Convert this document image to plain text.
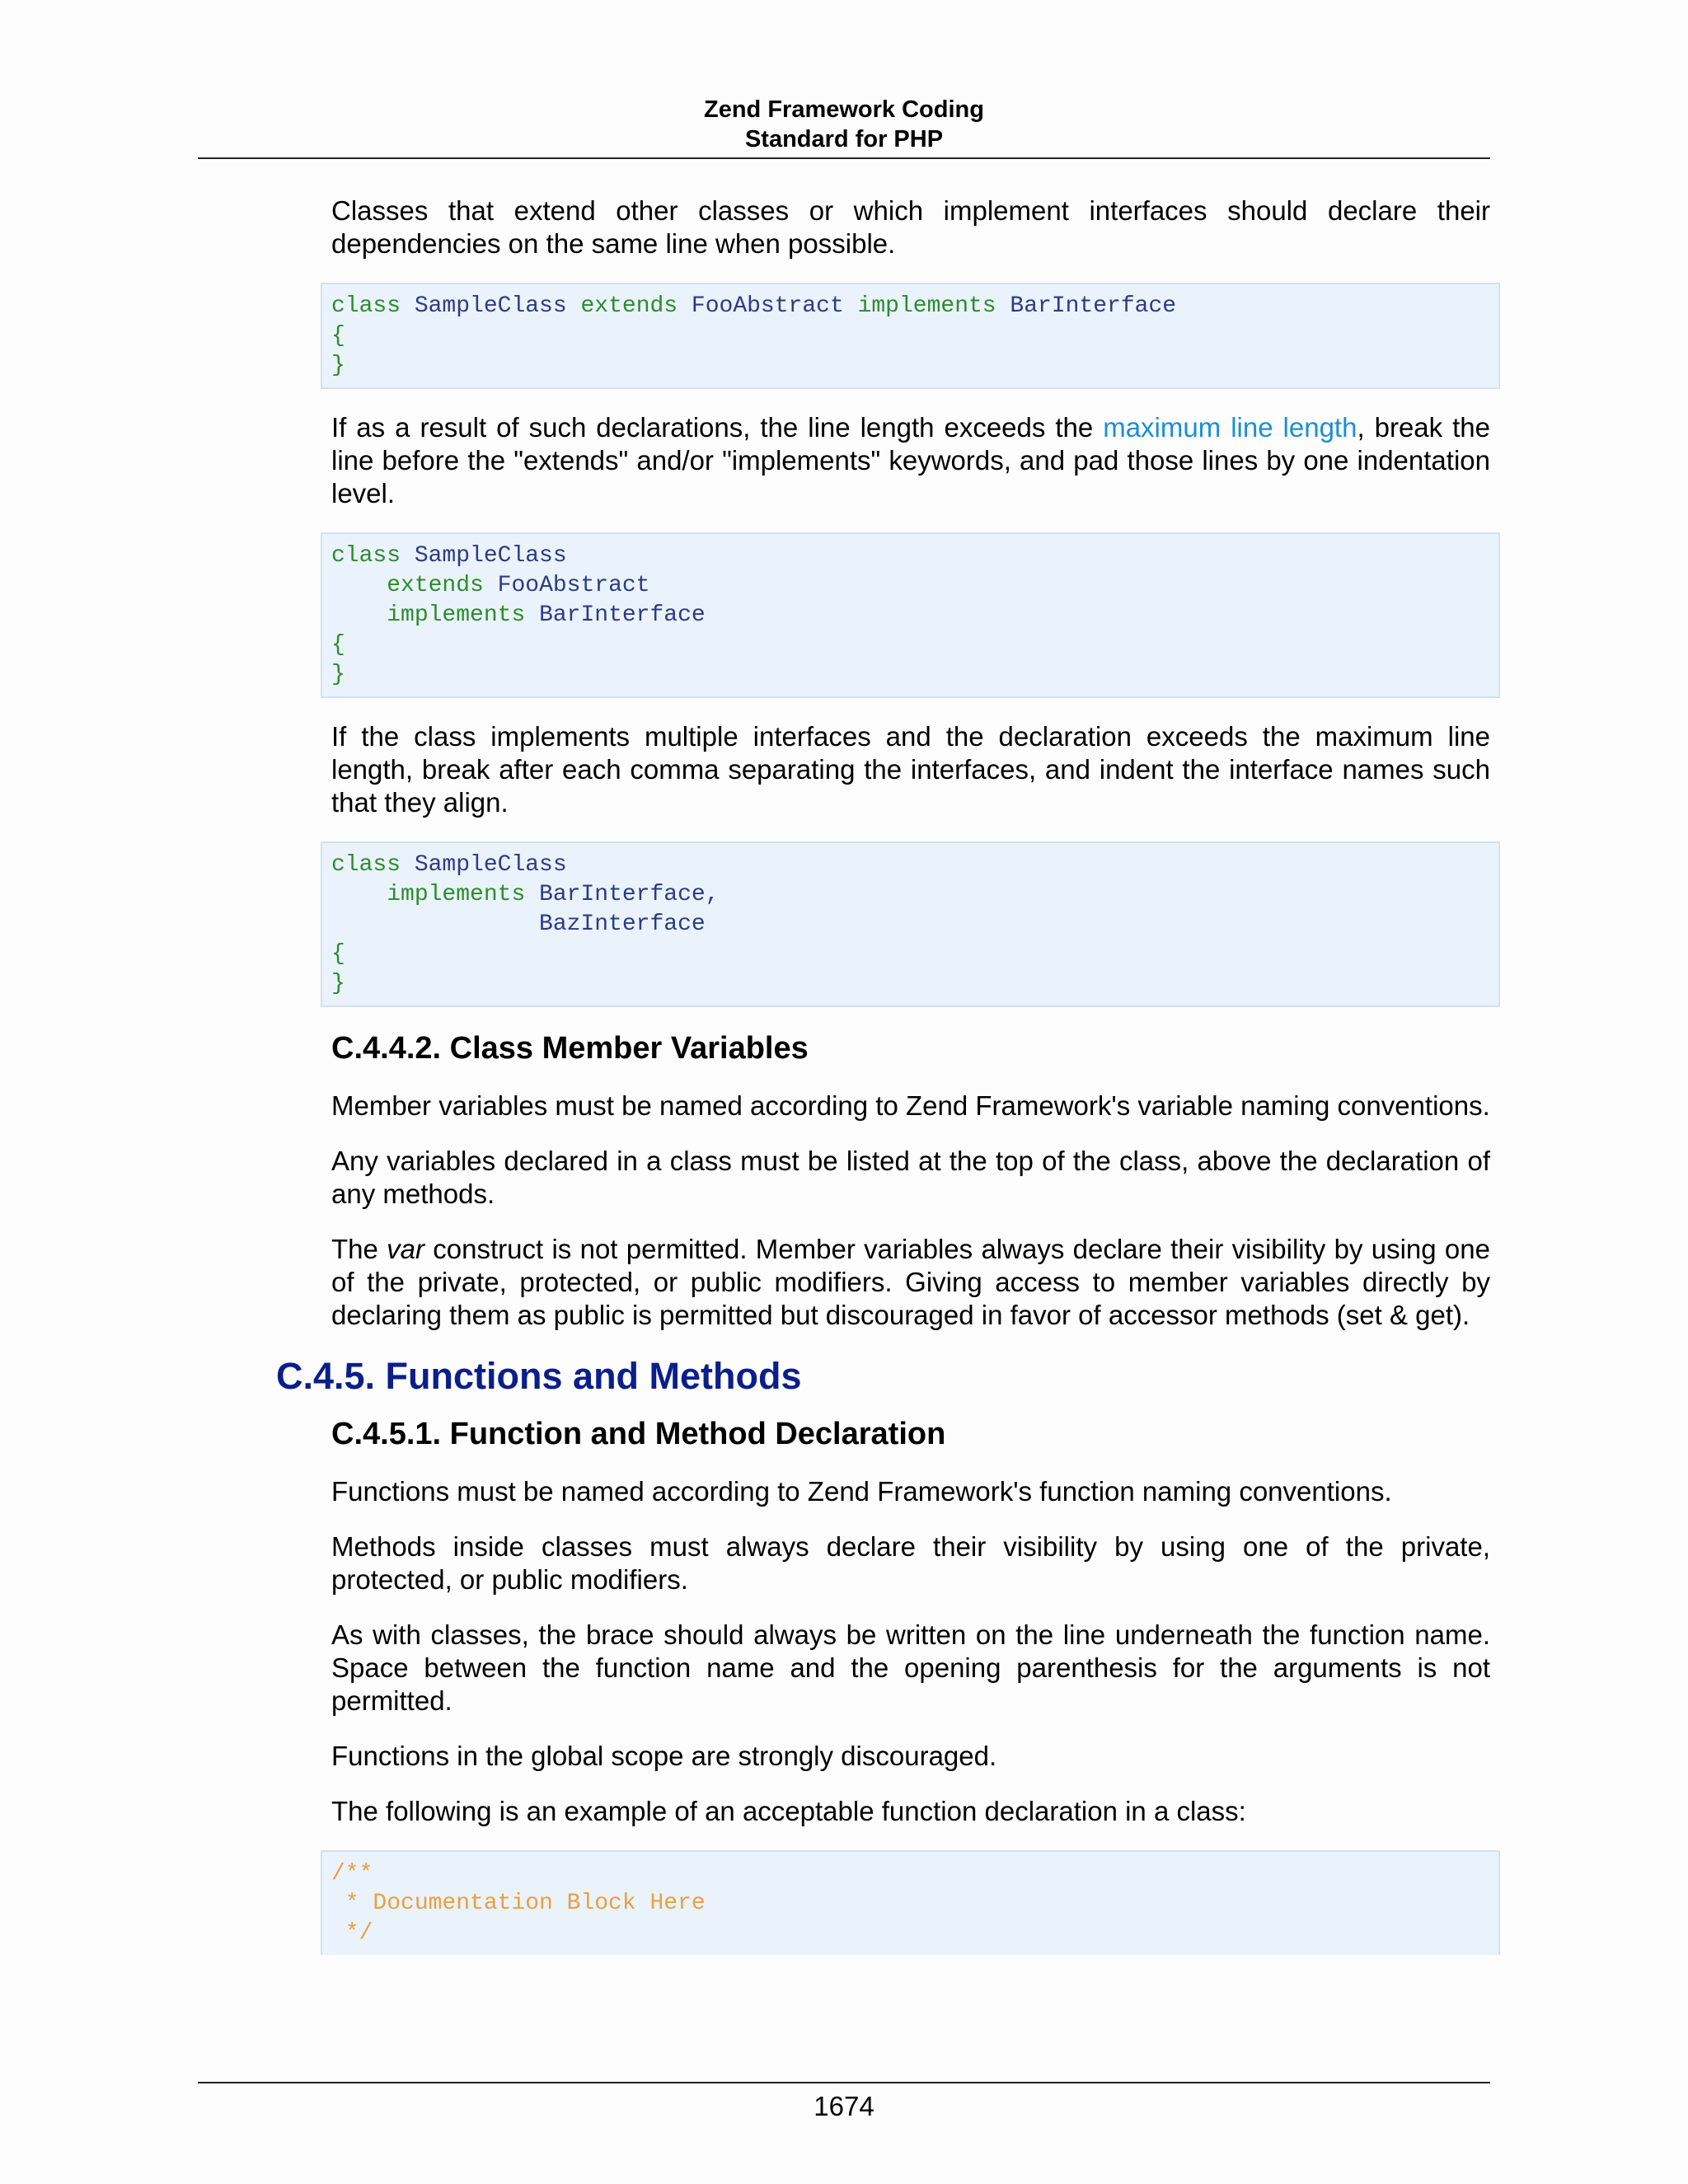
Zend Framework Coding
Standard for PHP

Classes that extend other classes or which implement interfaces should declare their dependencies on the same line when possible.

class SampleClass extends FooAbstract implements BarInterface
{
}

If as a result of such declarations, the line length exceeds the maximum line length, break the line before the "extends" and/or "implements" keywords, and pad those lines by one indentation level.

class SampleClass
extends FooAbstract
implements BarInterface
{
}

If the class implements multiple interfaces and the declaration exceeds the maximum line length, break after each comma separating the interfaces, and indent the interface names such that they align.

class SampleClass
implements BarInterface,
BazInterface
{
}
C.4.4.2. Class Member Variables

Member variables must be named according to Zend Framework's variable naming conventions.

Any variables declared in a class must be listed at the top of the class, above the declaration of any methods.

The var construct is not permitted. Member variables always declare their visibility by using one of the private, protected, or public modifiers. Giving access to member variables directly by declaring them as public is permitted but discouraged in favor of accessor methods (set & get).

C.4.5. Functions and Methods
C.4.5.1. Function and Method Declaration

Functions must be named according to Zend Framework's function naming conventions.

Methods inside classes must always declare their visibility by using one of the private, protected, or public modifiers.

As with classes, the brace should always be written on the line underneath the function name. Space between the function name and the opening parenthesis for the arguments is not permitted.

Functions in the global scope are strongly discouraged.

The following is an example of an acceptable function declaration in a class:

/**
* Documentation Block Here
*/
1674
